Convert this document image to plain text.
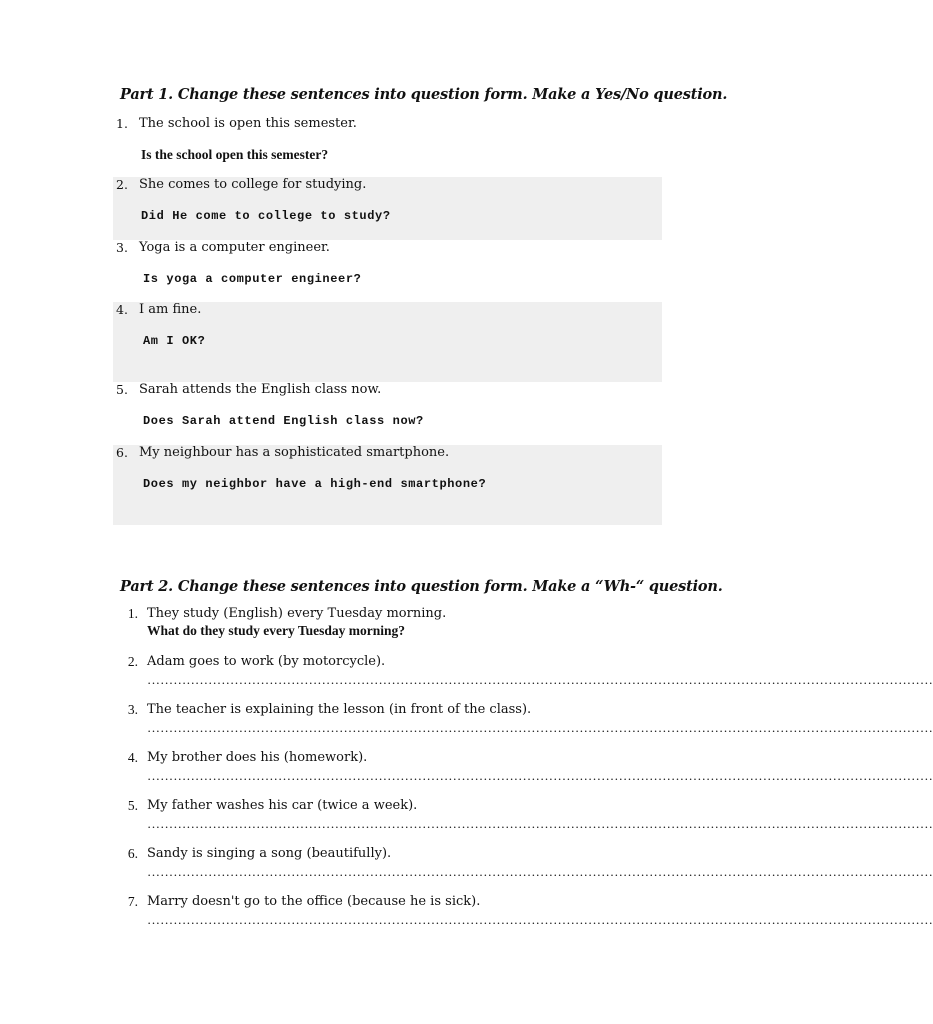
Part 1. Change these sentences into question form. Make a Yes/No question.
1. The school is open this semester.
Is the school open this semester?
2. She comes to college for studying.
Did He come to college to study?
3. Yoga is a computer engineer.
Is yoga a computer engineer?
4. I am fine.
Am I OK?
5. Sarah attends the English class now.
Does Sarah attend English class now?
6. My neighbour has a sophisticated smartphone.
Does my neighbor have a high-end smartphone?
Part 2. Change these sentences into question form. Make a “Wh-“ question.
1. They study (English) every Tuesday morning.
What do they study every Tuesday morning?
2. Adam goes to work (by motorcycle).
………………………………………………………………………………………………………………………………………………………………
3. The teacher is explaining the lesson (in front of the class).
………………………………………………………………………………………………………………………………………………………………
4. My brother does his (homework).
………………………………………………………………………………………………………………………………………………………………
5. My father washes his car (twice a week).
………………………………………………………………………………………………………………………………………………………………
6. Sandy is singing a song (beautifully).
………………………………………………………………………………………………………………………………………………………………
7. Marry doesn't go to the office (because he is sick).
………………………………………………………………………………………………………………………………………………………………
